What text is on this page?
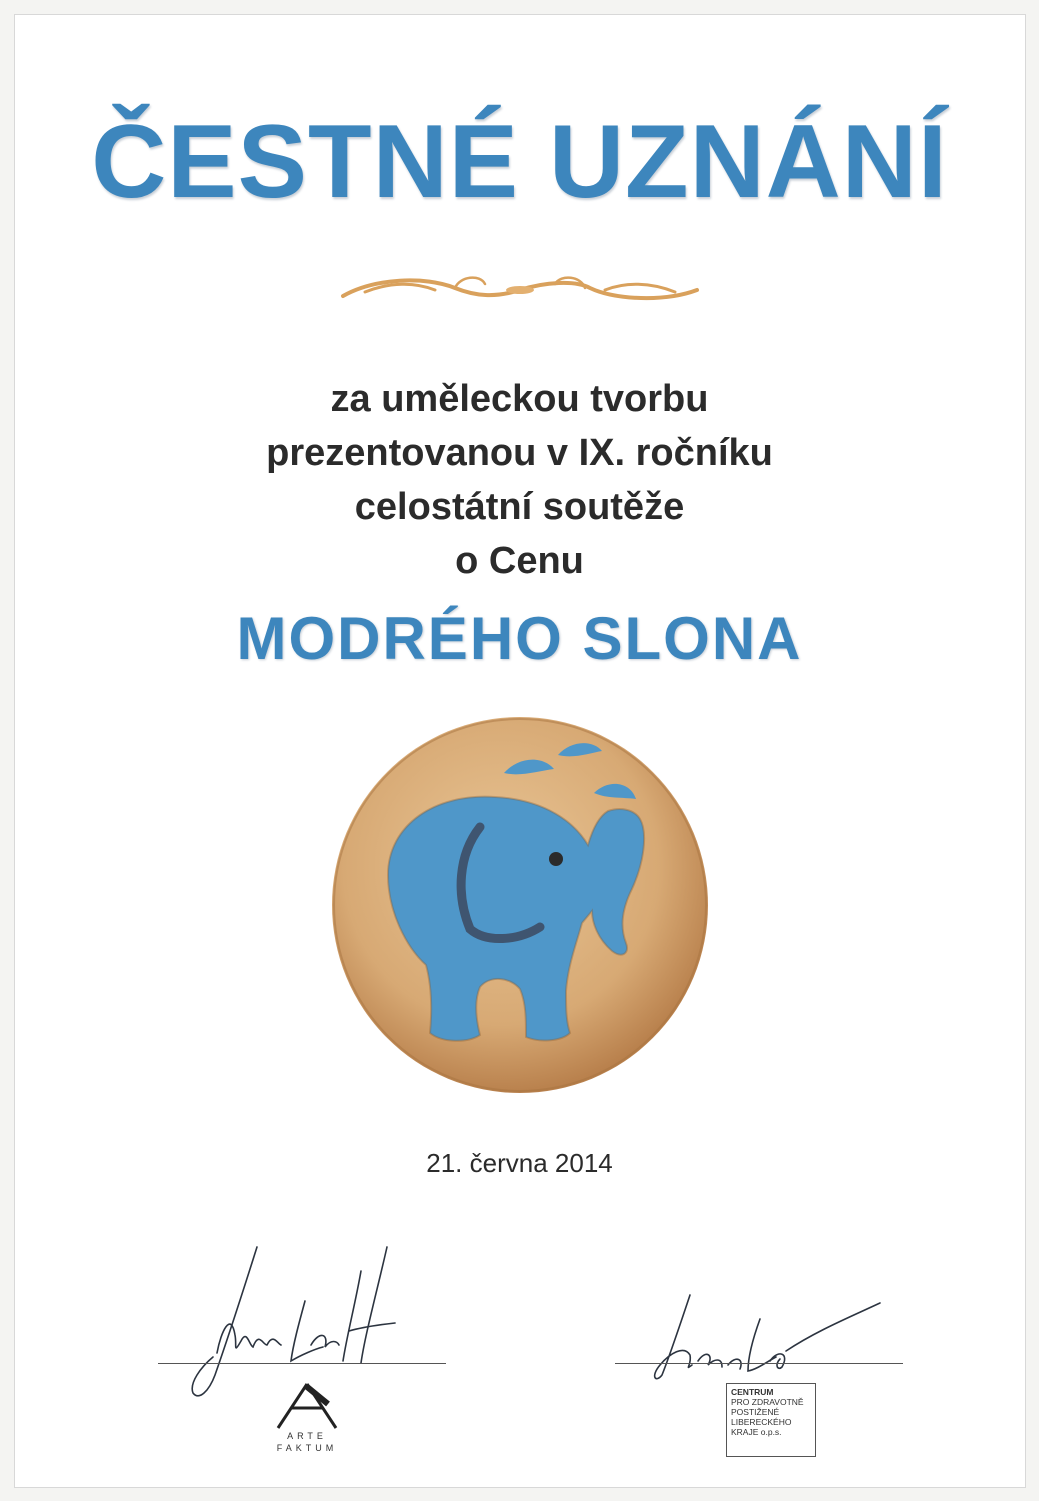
ČESTNÉ UZNÁNÍ
za uměleckou tvorbu
prezentovanou v IX. ročníku
celostátní soutěže
o Cenu
MODRÉHO SLONA
21. června 2014
ARTE
FAKTUM
CENTRUM
PRO ZDRAVOTNĚ
POSTIŽENÉ
LIBERECKÉHO
KRAJE o.p.s.
